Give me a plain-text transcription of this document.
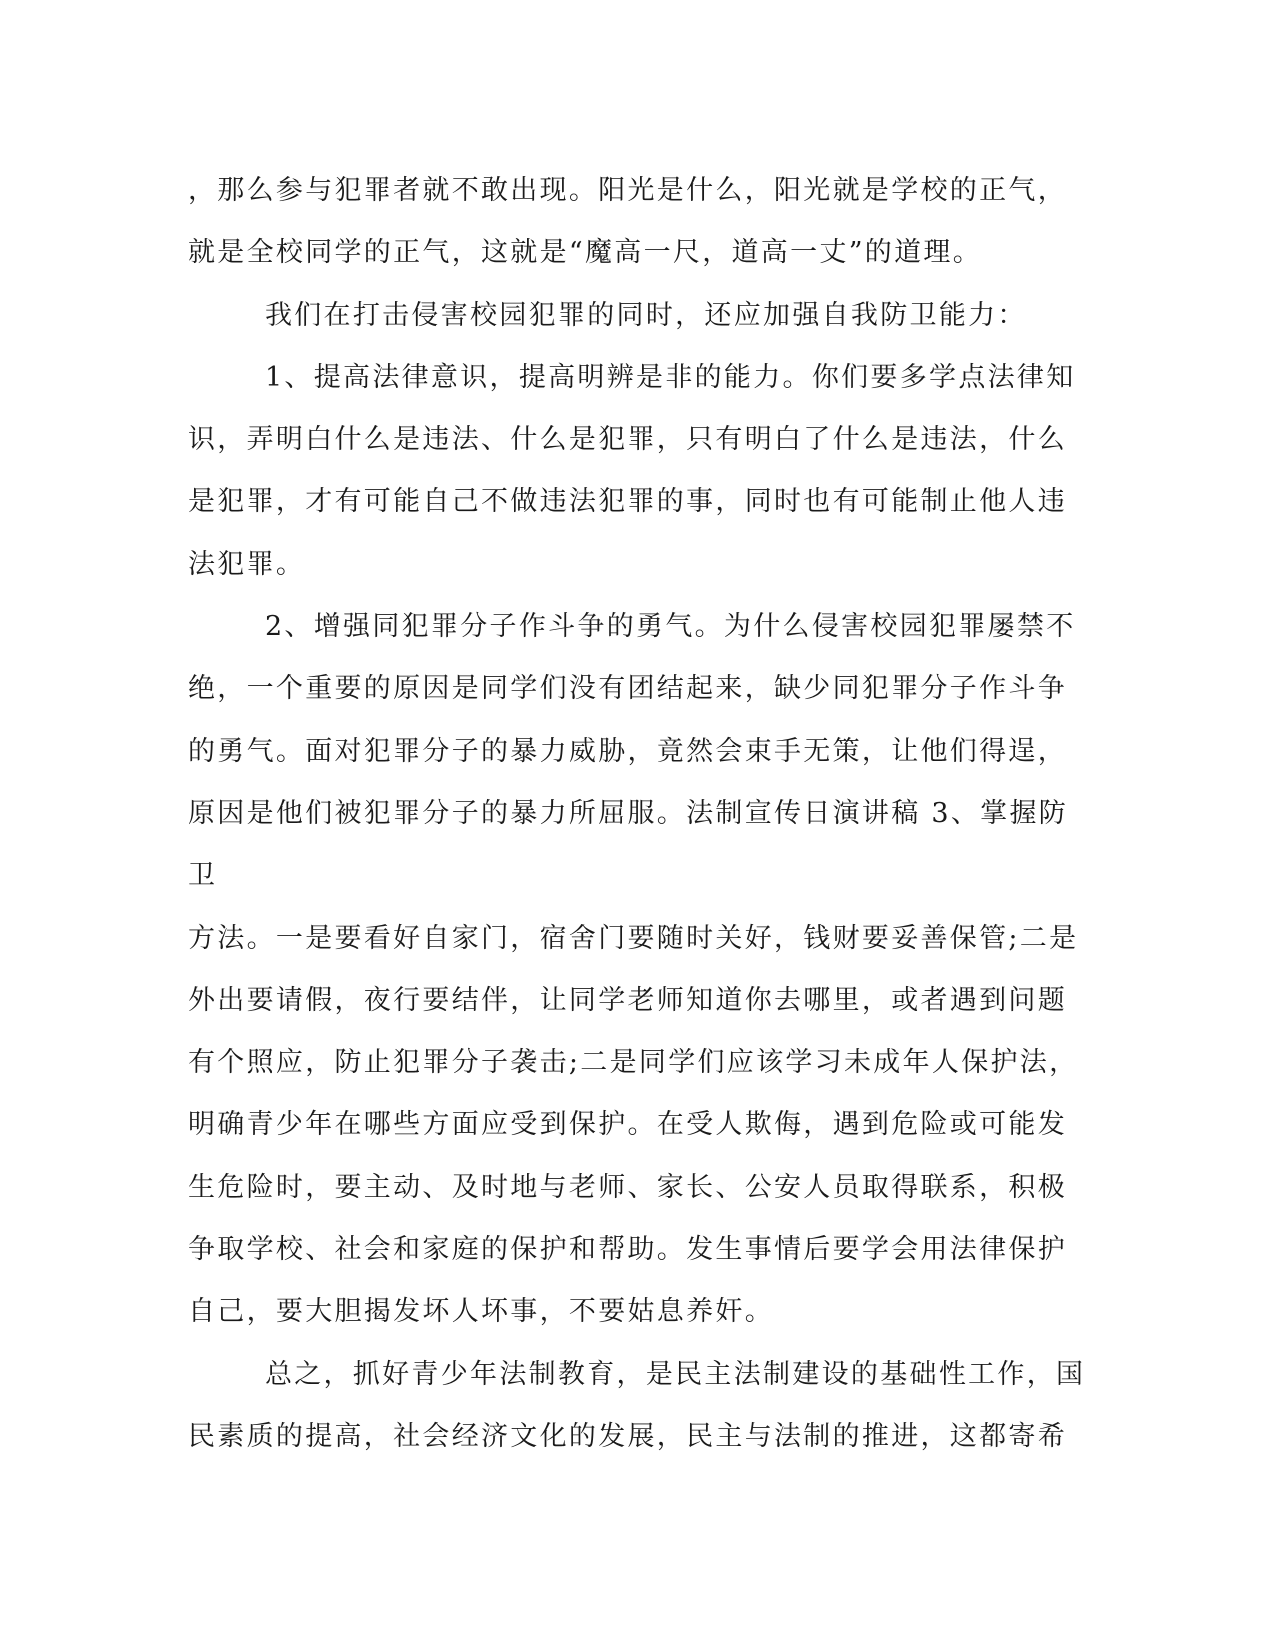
，那么参与犯罪者就不敢出现。阳光是什么，阳光就是学校的正气，
就是全校同学的正气，这就是“魔高一尺，道高一丈”的道理。

我们在打击侵害校园犯罪的同时，还应加强自我防卫能力：

1、提高法律意识，提高明辨是非的能力。你们要多学点法律知
识，弄明白什么是违法、什么是犯罪，只有明白了什么是违法，什么
是犯罪，才有可能自己不做违法犯罪的事，同时也有可能制止他人违
法犯罪。

2、增强同犯罪分子作斗争的勇气。为什么侵害校园犯罪屡禁不
绝，一个重要的原因是同学们没有团结起来，缺少同犯罪分子作斗争
的勇气。面对犯罪分子的暴力威胁，竟然会束手无策，让他们得逞，
原因是他们被犯罪分子的暴力所屈服。法制宣传日演讲稿 3、掌握防卫
方法。一是要看好自家门，宿舍门要随时关好，钱财要妥善保管;二是
外出要请假，夜行要结伴，让同学老师知道你去哪里，或者遇到问题
有个照应，防止犯罪分子袭击;二是同学们应该学习未成年人保护法，
明确青少年在哪些方面应受到保护。在受人欺侮，遇到危险或可能发
生危险时，要主动、及时地与老师、家长、公安人员取得联系，积极
争取学校、社会和家庭的保护和帮助。发生事情后要学会用法律保护
自己，要大胆揭发坏人坏事，不要姑息养奸。

总之，抓好青少年法制教育，是民主法制建设的基础性工作，国
民素质的提高，社会经济文化的发展，民主与法制的推进，这都寄希
